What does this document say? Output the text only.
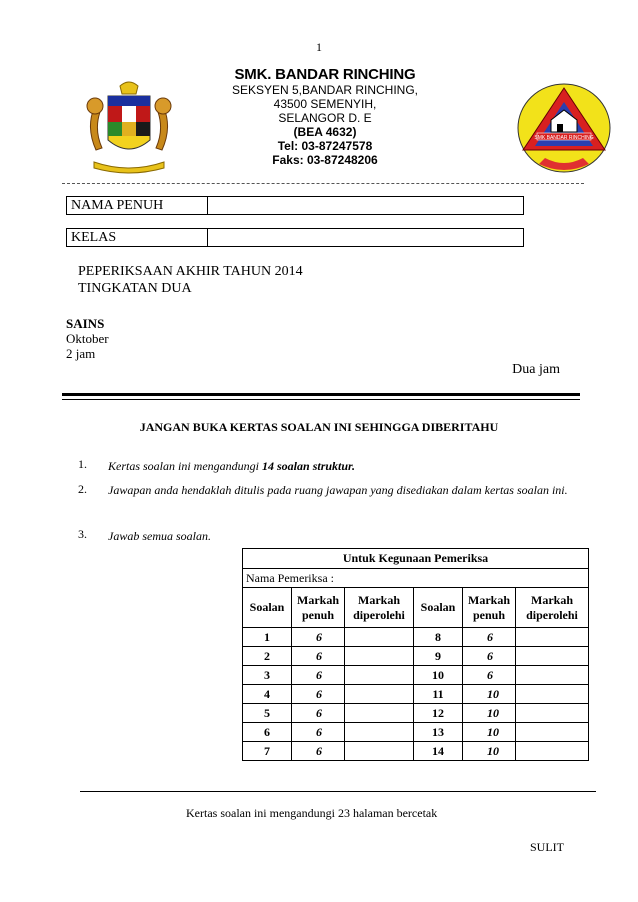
1
SMK. BANDAR RINCHING
SEKSYEN 5,BANDAR RINCHING,
43500 SEMENYIH,
SELANGOR D. E
(BEA 4632)
Tel: 03-87247578
Faks: 03-87248206
SMK BANDAR RINCHING
NAMA PENUH
KELAS
PEPERIKSAAN AKHIR TAHUN 2014
TINGKATAN DUA
SAINS
Oktober
2 jam
Dua jam
JANGAN BUKA KERTAS SOALAN INI SEHINGGA DIBERITAHU
1. Kertas soalan ini mengandungi 14 soalan struktur.
2. Jawapan anda hendaklah ditulis pada ruang jawapan yang disediakan dalam kertas soalan ini.
3. Jawab semua soalan.
Untuk Kegunaan Pemeriksa					
Nama Pemeriksa :					
Soalan	Markah penuh	Markah diperolehi	Soalan	Markah penuh	Markah diperolehi
1	6		8	6	
2	6		9	6	
3	6		10	6	
4	6		11	10	
5	6		12	10	
6	6		13	10	
7	6		14	10	
Kertas soalan ini mengandungi 23 halaman bercetak
SULIT
